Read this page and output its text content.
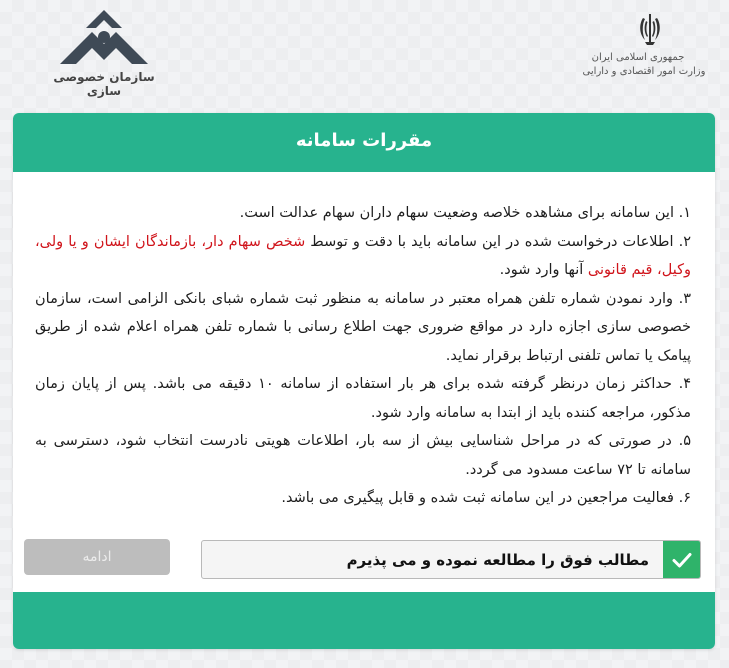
سازمان خصوصی سازی
جمهوری اسلامی ایران
وزارت امور اقتصادی و دارایی
مقررات سامانه

۱. این سامانه برای مشاهده خلاصه وضعیت سهام داران سهام عدالت است.

۲. اطلاعات درخواست شده در این سامانه باید با دقت و توسط شخص سهام دار، بازماندگان ایشان و یا ولی، وکیل، قیم قانونی آنها وارد شود.

۳. وارد نمودن شماره تلفن همراه معتبر در سامانه به منظور ثبت شماره شبای بانکی الزامی است، سازمان خصوصی سازی اجازه دارد در مواقع ضروری جهت اطلاع رسانی با شماره تلفن همراه اعلام شده از طریق پیامک یا تماس تلفنی ارتباط برقرار نماید.

۴. حداکثر زمان درنظر گرفته شده برای هر بار استفاده از سامانه ۱۰ دقیقه می باشد. پس از پایان زمان مذکور، مراجعه کننده باید از ابتدا به سامانه وارد شود.

۵. در صورتی که در مراحل شناسایی بیش از سه بار، اطلاعات هویتی نادرست انتخاب شود، دسترسی به سامانه تا ۷۲ ساعت مسدود می گردد.

۶. فعالیت مراجعین در این سامانه ثبت شده و قابل پیگیری می باشد.

مطالب فوق را مطالعه نموده و می پذیرم
ادامه
